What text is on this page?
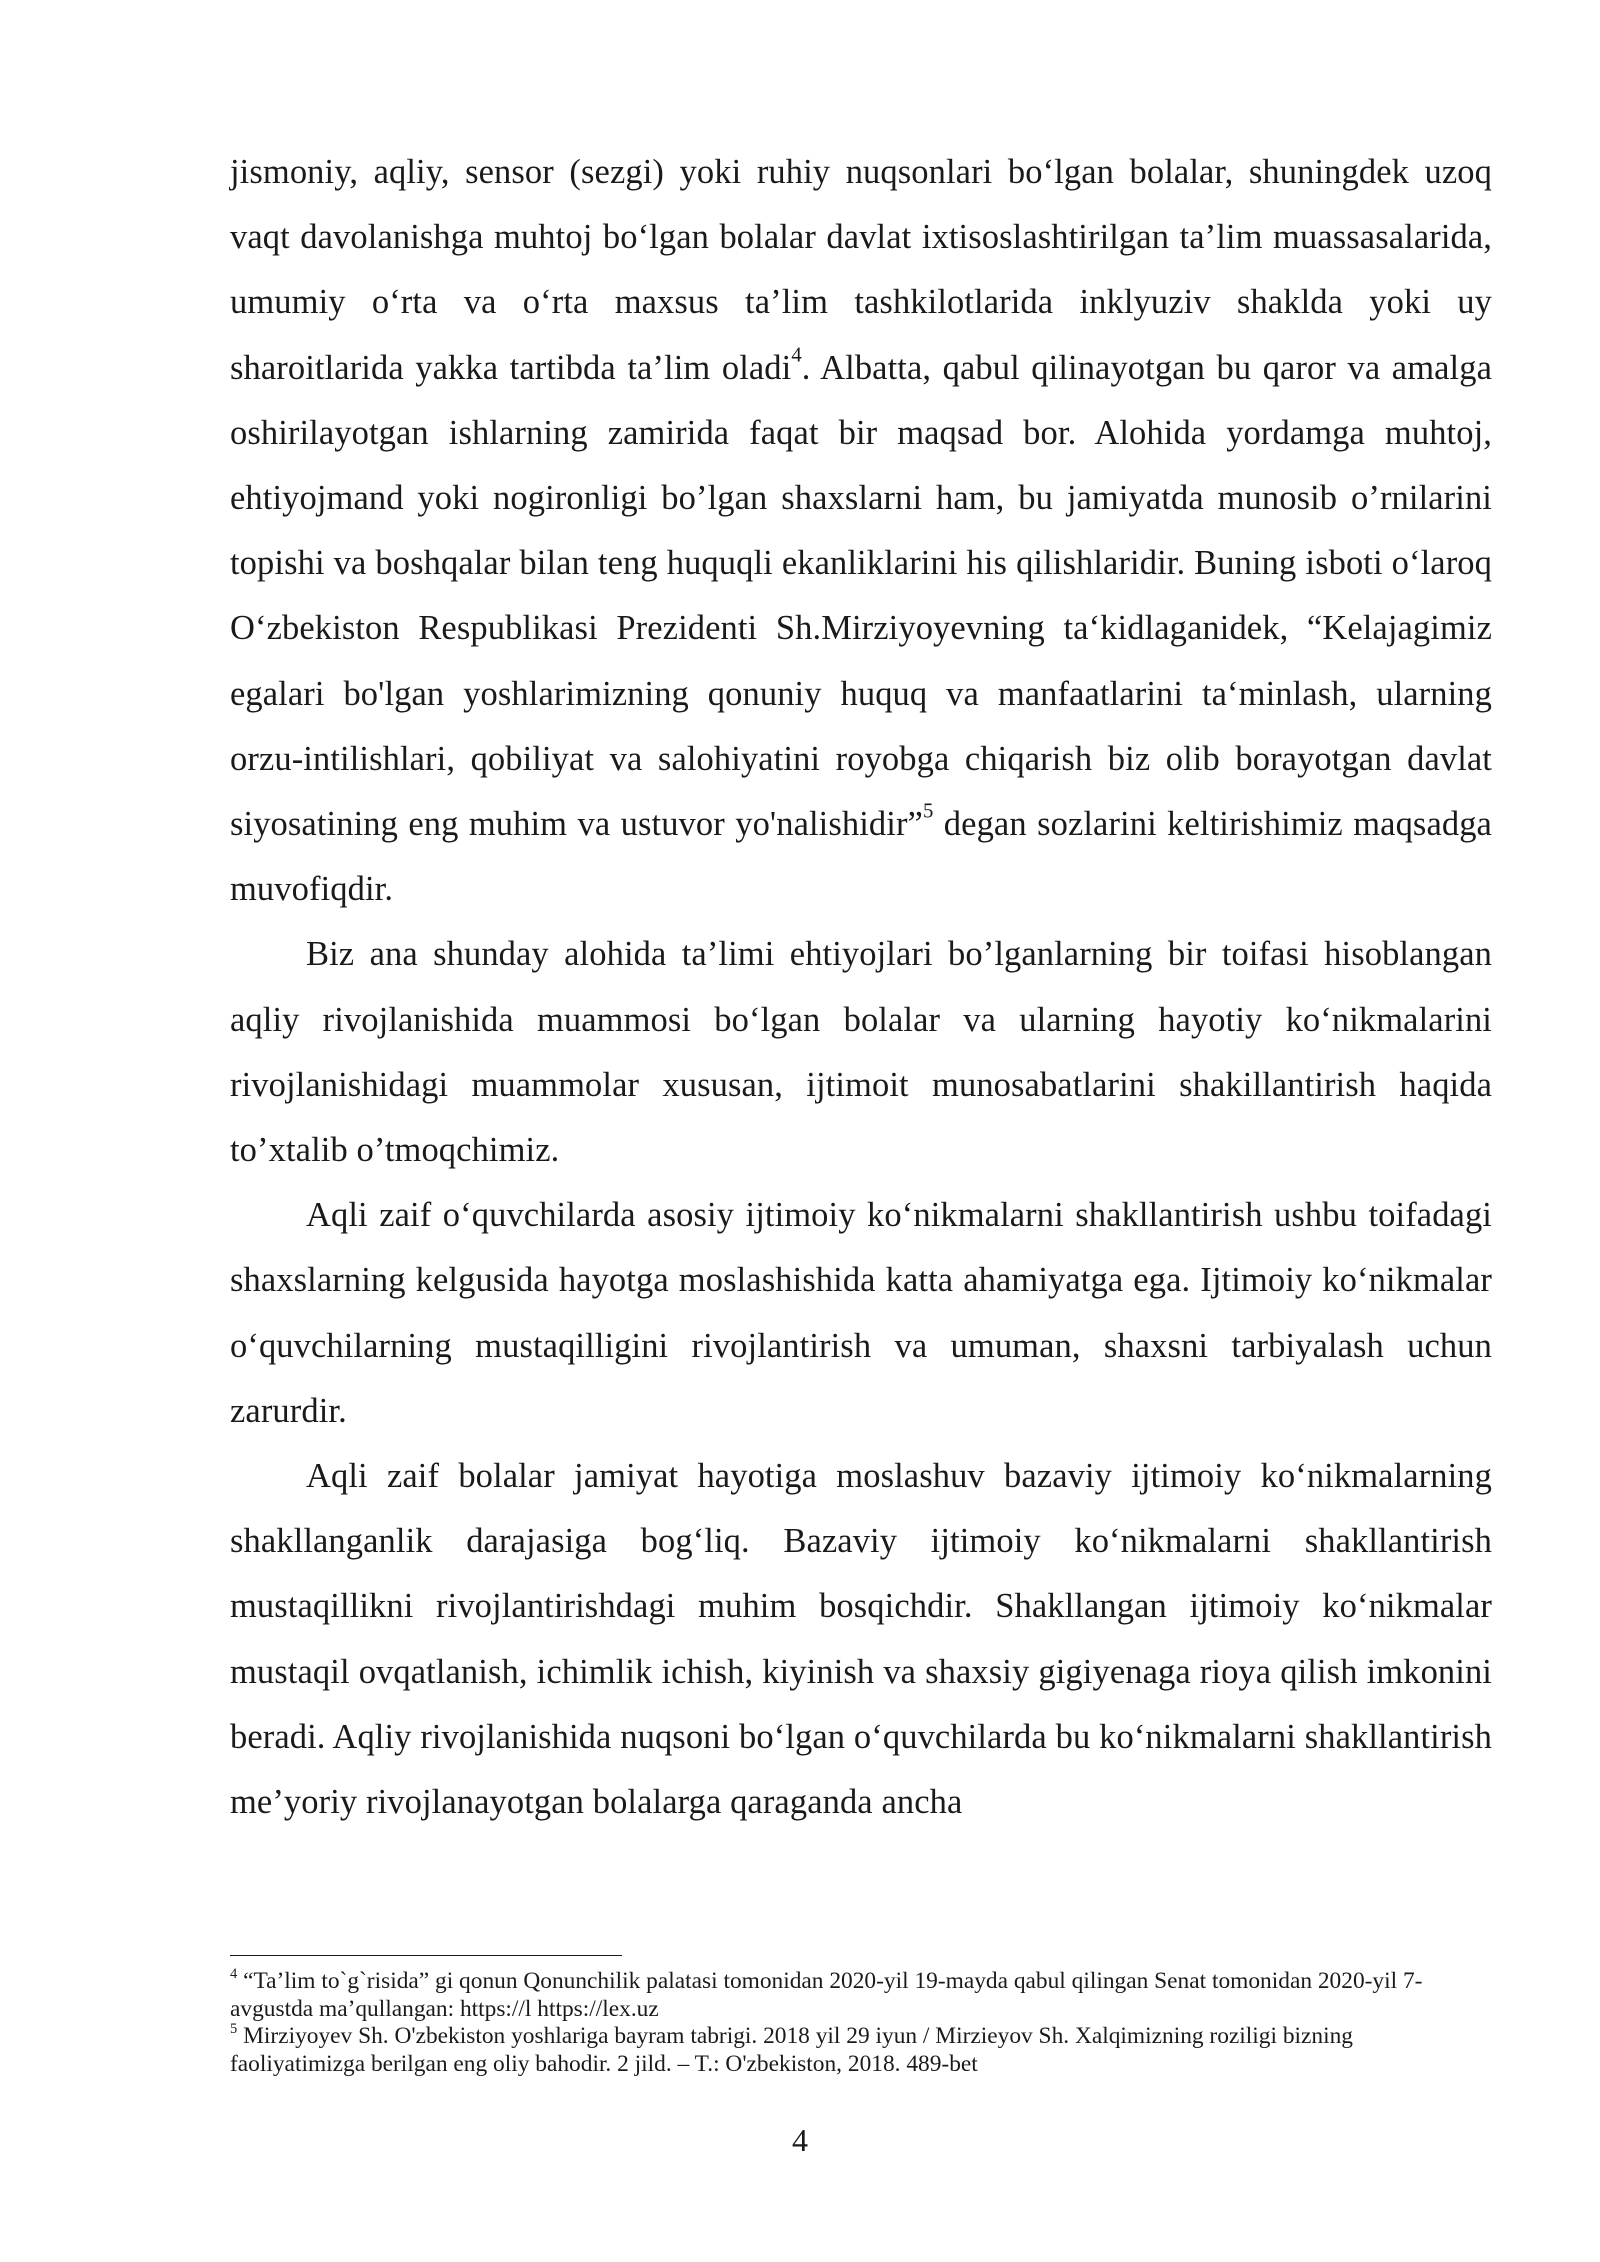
jismoniy, aqliy, sensor (sezgi) yoki ruhiy nuqsonlari bo‘lgan bolalar, shuningdek uzoq vaqt davolanishga muhtoj bo‘lgan bolalar davlat ixtisoslashtirilgan ta’lim muassasalarida, umumiy o‘rta va o‘rta maxsus ta’lim tashkilotlarida inklyuziv shaklda yoki uy sharoitlarida yakka tartibda ta’lim oladi$^4$. Albatta, qabul qilinayotgan bu qaror va amalga oshirilayotgan ishlarning zamirida faqat bir maqsad bor. Alohida yordamga muhtoj, ehtiyojmand yoki nogironligi bo’lgan shaxslarni ham, bu jamiyatda munosib o’rnilarini topishi va boshqalar bilan teng huquqli ekanliklarini his qilishlaridir. Buning isboti o‘laroq O‘zbekiston Respublikasi Prezidenti Sh.Mirziyoyevning ta‘kidlaganidek, “Kelajagimiz egalari bo'lgan yoshlarimizning qonuniy huquq va manfaatlarini ta‘minlash, ularning orzu-intilishlari, qobiliyat va salohiyatini royobga chiqarish biz olib borayotgan davlat siyosatining eng muhim va ustuvor yo'nalishidir”$^5$ degan sozlarini keltirishimiz maqsadga muvofiqdir.

Biz ana shunday alohida ta’limi ehtiyojlari bo’lganlarning bir toifasi hisoblangan aqliy rivojlanishida muammosi bo‘lgan bolalar va ularning hayotiy ko‘nikmalarini rivojlanishidagi muammolar xususan, ijtimoit munosabatlarini shakillantirish haqida to’xtalib o’tmoqchimiz.

Aqli zaif o‘quvchilarda asosiy ijtimoiy ko‘nikmalarni shakllantirish ushbu toifadagi shaxslarning kelgusida hayotga moslashishida katta ahamiyatga ega. Ijtimoiy ko‘nikmalar o‘quvchilarning mustaqilligini rivojlantirish va umuman, shaxsni tarbiyalash uchun zarurdir.

Aqli zaif bolalar jamiyat hayotiga moslashuv bazaviy ijtimoiy ko‘nikmalarning shakllanganlik darajasiga bog‘liq. Bazaviy ijtimoiy ko‘nikmalarni shakllantirish mustaqillikni rivojlantirishdagi muhim bosqichdir. Shakllangan ijtimoiy ko‘nikmalar mustaqil ovqatlanish, ichimlik ichish, kiyinish va shaxsiy gigiyenaga rioya qilish imkonini beradi. Aqliy rivojlanishida nuqsoni bo‘lgan o‘quvchilarda bu ko‘nikmalarni shakllantirish me’yoriy rivojlanayotgan bolalarga qaraganda ancha

$^4$ “Ta’lim to`g`risida” gi qonun Qonunchilik palatasi tomonidan 2020-yil 19-mayda qabul qilingan Senat tomonidan 2020-yil 7-avgustda ma’qullangan: https://l https://lex.uz

$^5$ Mirziyoyev Sh. O'zbekiston yoshlariga bayram tabrigi. 2018 yil 29 iyun / Mirzieyov Sh. Xalqimizning roziligi bizning faoliyatimizga berilgan eng oliy bahodir. 2 jild. – T.: O'zbekiston, 2018. 489-bet

4
